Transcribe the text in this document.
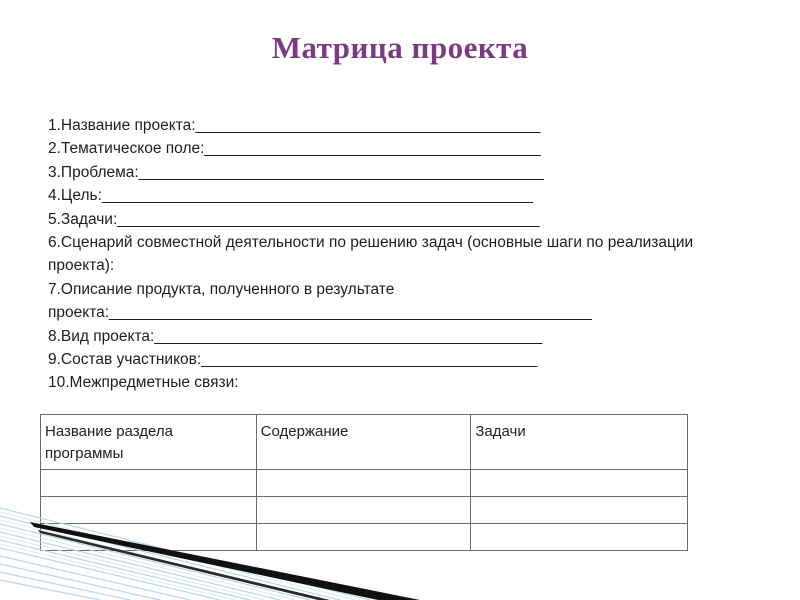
Матрица проекта
1.Название проекта:________________________________________
2.Тематическое поле:_______________________________________
3.Проблема:_______________________________________________
4.Цель:__________________________________________________
5.Задачи:_________________________________________________
6.Сценарий совместной деятельности по решению задач (основные шаги по реализации проекта):
7.Описание продукта, полученного в результате
проекта:________________________________________________________
8.Вид проекта:_____________________________________________
9.Состав участников:_______________________________________
10.Межпредметные связи:
Название раздела программы	Содержание	Задачи
